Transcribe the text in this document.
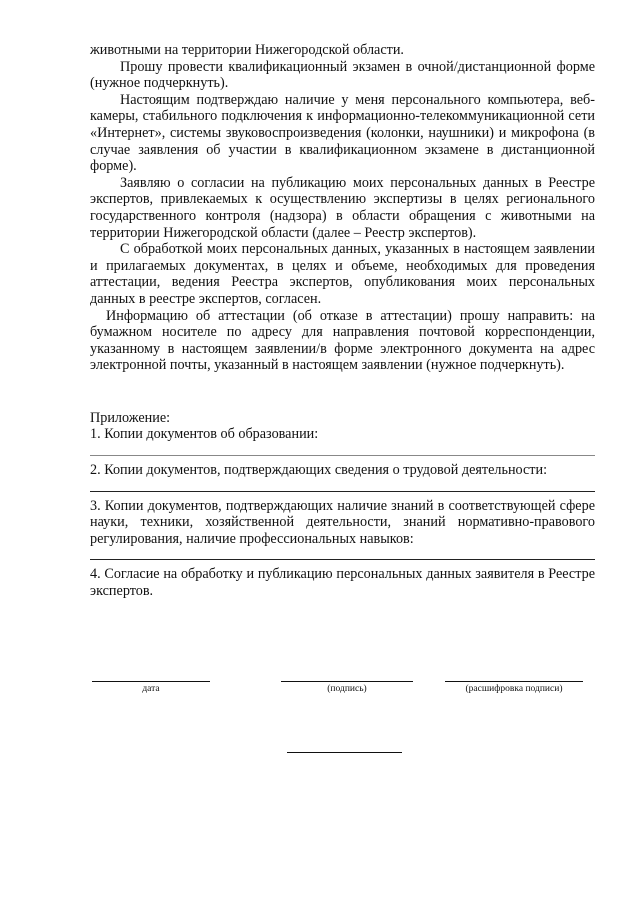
животными на территории Нижегородской области.

Прошу провести квалификационный экзамен в очной/дистанционной форме (нужное подчеркнуть).

Настоящим подтверждаю наличие у меня персонального компьютера, веб-камеры, стабильного подключения к информационно-телекоммуникационной сети «Интернет», системы звуковоспроизведения (колонки, наушники) и микрофона (в случае заявления об участии в квалификационном экзамене в дистанционной форме).

Заявляю о согласии на публикацию моих персональных данных в Реестре экспертов, привлекаемых к осуществлению экспертизы в целях регионального государственного контроля (надзора) в области обращения с животными на территории Нижегородской области (далее – Реестр экспертов).

С обработкой моих персональных данных, указанных в настоящем заявлении и прилагаемых документах, в целях и объеме, необходимых для проведения аттестации, ведения Реестра экспертов, опубликования моих персональных данных в реестре экспертов, согласен.

Информацию об аттестации (об отказе в аттестации) прошу направить: на бумажном носителе по адресу для направления почтовой корреспонденции, указанному в настоящем заявлении/в форме электронного документа на адрес электронной почты, указанный в настоящем заявлении (нужное подчеркнуть).

Приложение:

1. Копии документов об образовании:

2. Копии документов, подтверждающих сведения о трудовой деятельности:

3. Копии документов, подтверждающих наличие знаний в соответствующей сфере науки, техники, хозяйственной деятельности, знаний нормативно-правового регулирования, наличие профессиональных навыков:

4. Согласие на обработку и публикацию персональных данных заявителя в Реестре экспертов.

дата	(подпись)	(расшифровка подписи)
